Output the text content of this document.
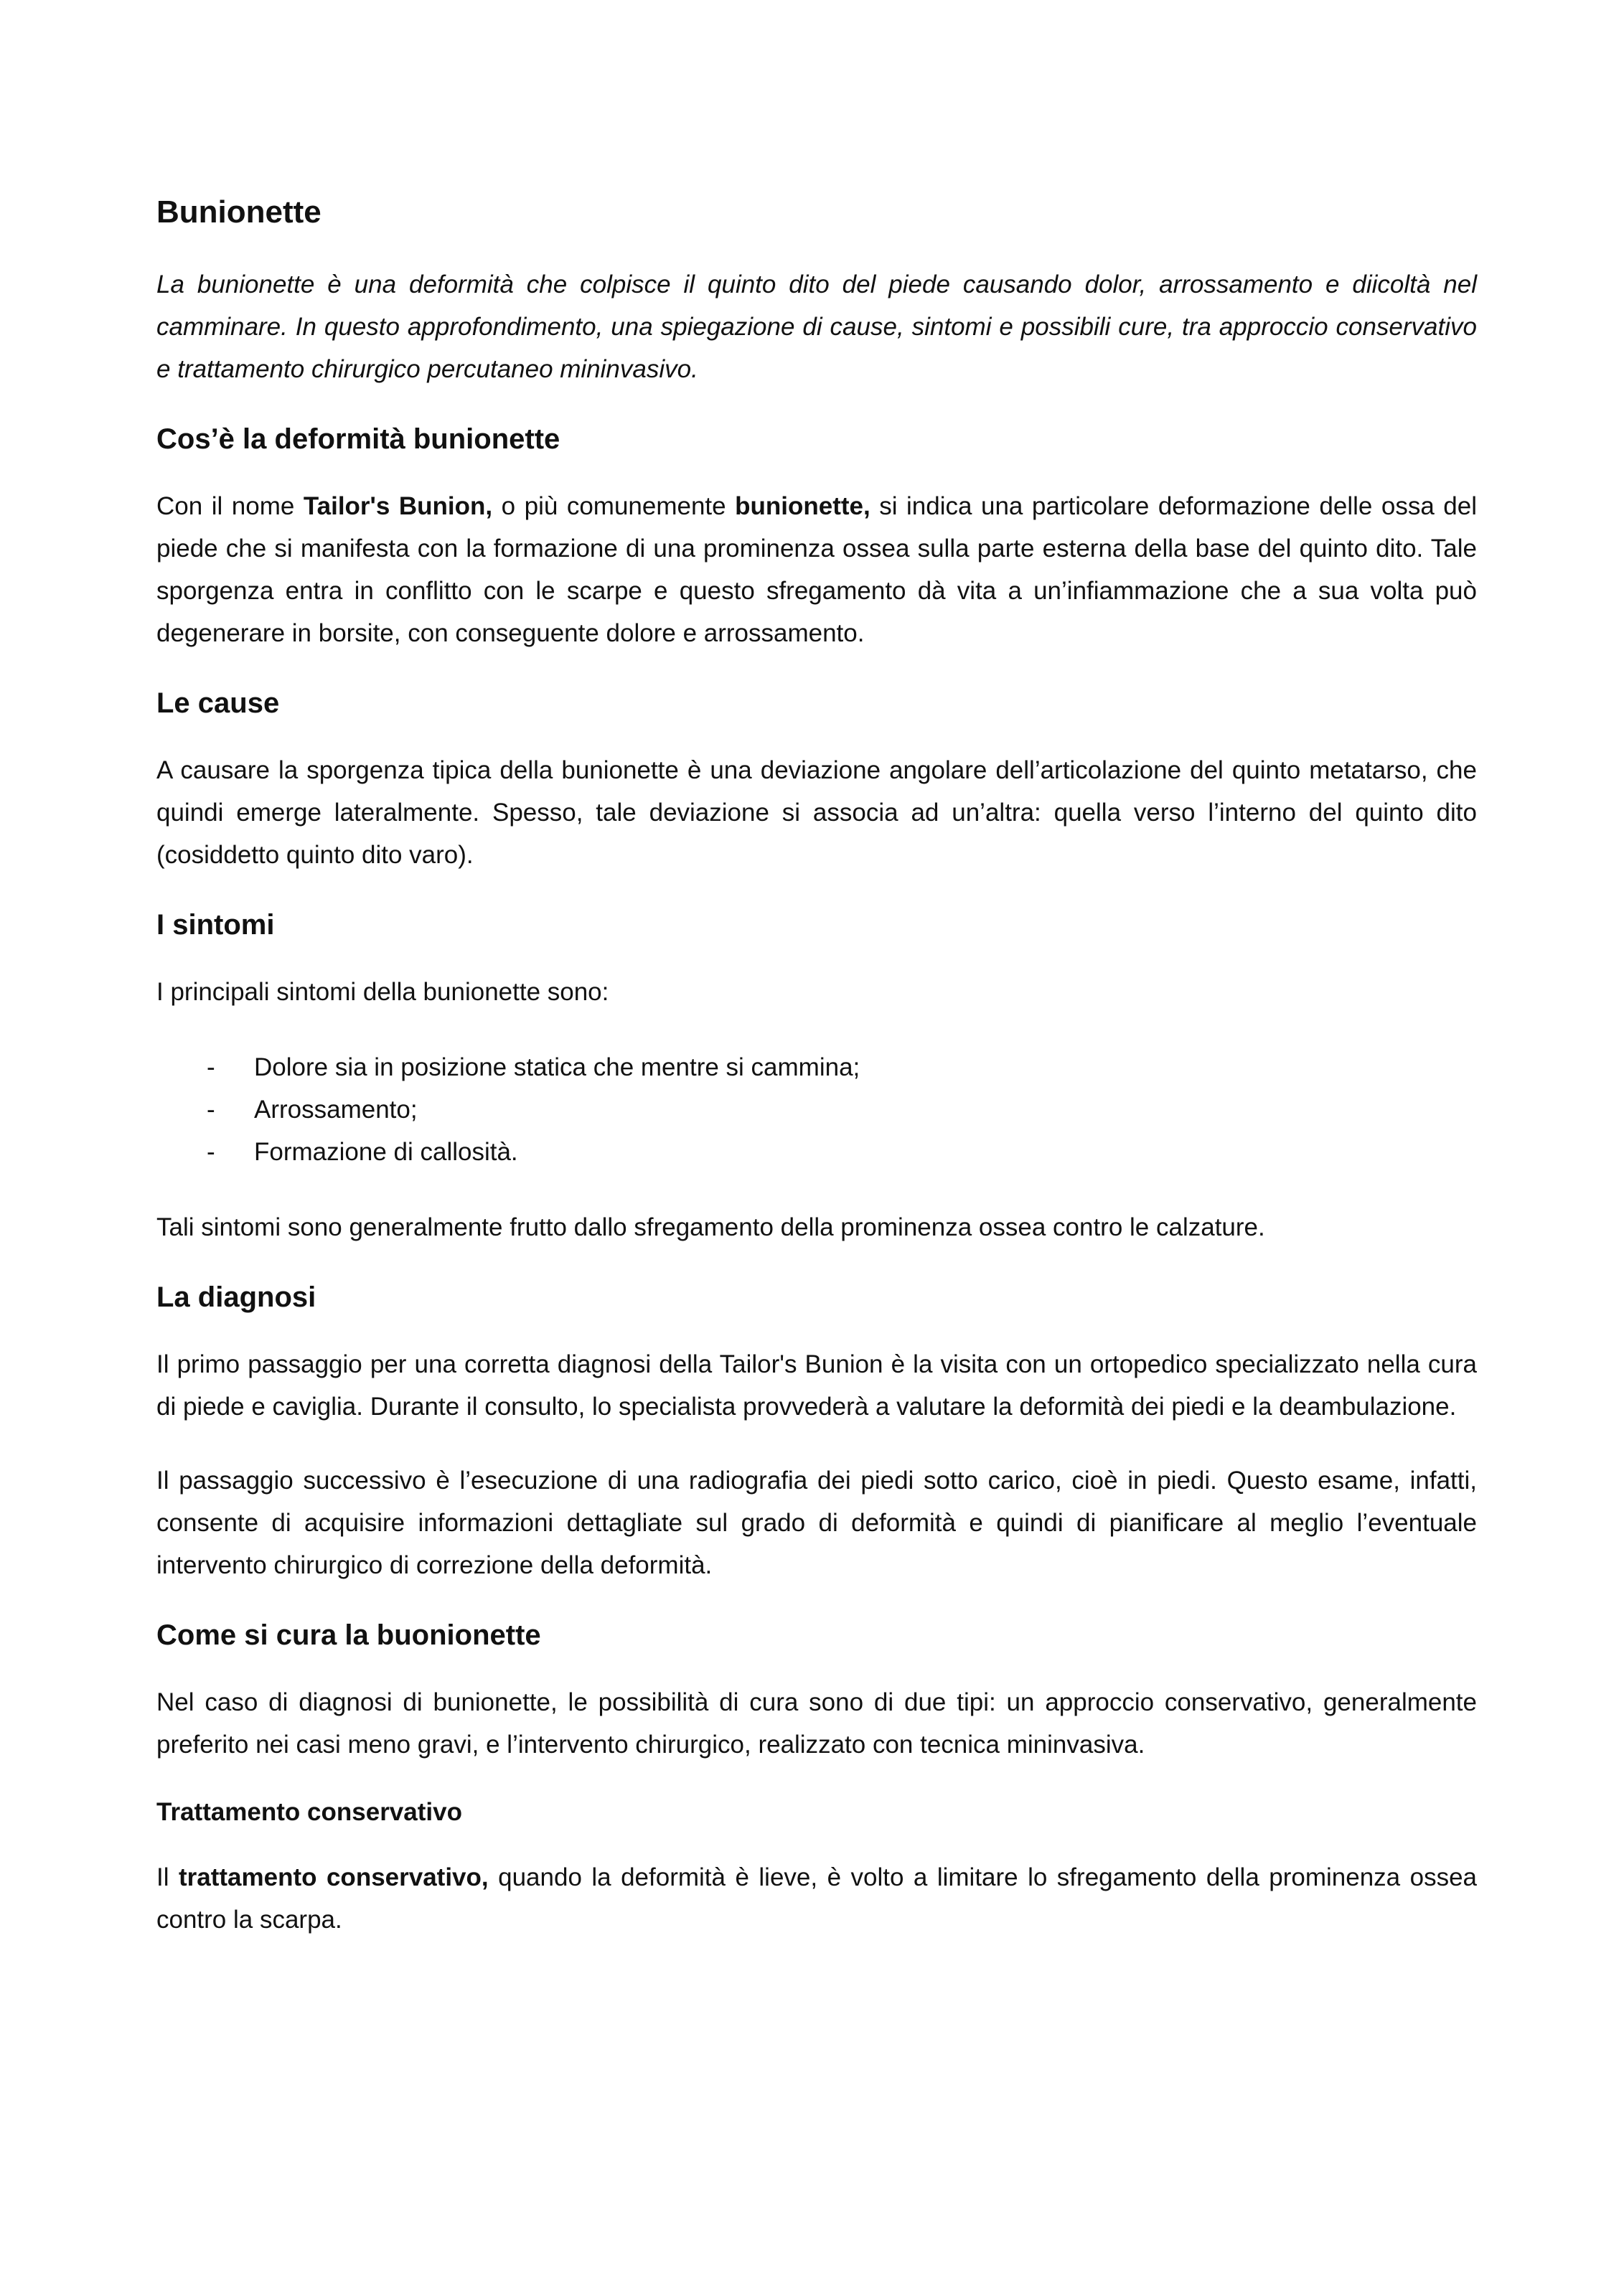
Bunionette

La bunionette è una deformità che colpisce il quinto dito del piede causando dolor, arrossamento e diicoltà nel camminare. In questo approfondimento, una spiegazione di cause, sintomi e possibili cure, tra approccio conservativo e trattamento chirurgico percutaneo mininvasivo.

Cos’è la deformità bunionette

Con il nome Tailor's Bunion, o più comunemente bunionette, si indica una particolare deformazione delle ossa del piede che si manifesta con la formazione di una prominenza ossea sulla parte esterna della base del quinto dito. Tale sporgenza entra in conflitto con le scarpe e questo sfregamento dà vita a un’infiammazione che a sua volta può degenerare in borsite, con conseguente dolore e arrossamento.

Le cause

A causare la sporgenza tipica della bunionette è una deviazione angolare dell’articolazione del quinto metatarso, che quindi emerge lateralmente. Spesso, tale deviazione si associa ad un’altra: quella verso l’interno del quinto dito (cosiddetto quinto dito varo).

I sintomi

I principali sintomi della bunionette sono:

- Dolore sia in posizione statica che mentre si cammina;
- Arrossamento;
- Formazione di callosità.

Tali sintomi sono generalmente frutto dallo sfregamento della prominenza ossea contro le calzature.

La diagnosi

Il primo passaggio per una corretta diagnosi della Tailor's Bunion è la visita con un ortopedico specializzato nella cura di piede e caviglia. Durante il consulto, lo specialista provvederà a valutare la deformità dei piedi e la deambulazione.

Il passaggio successivo è l’esecuzione di una radiografia dei piedi sotto carico, cioè in piedi. Questo esame, infatti, consente di acquisire informazioni dettagliate sul grado di deformità e quindi di pianificare al meglio l’eventuale intervento chirurgico di correzione della deformità.

Come si cura la buonionette

Nel caso di diagnosi di bunionette, le possibilità di cura sono di due tipi: un approccio conservativo, generalmente preferito nei casi meno gravi, e l’intervento chirurgico, realizzato con tecnica mininvasiva.

Trattamento conservativo

Il trattamento conservativo, quando la deformità è lieve, è volto a limitare lo sfregamento della prominenza ossea contro la scarpa.
